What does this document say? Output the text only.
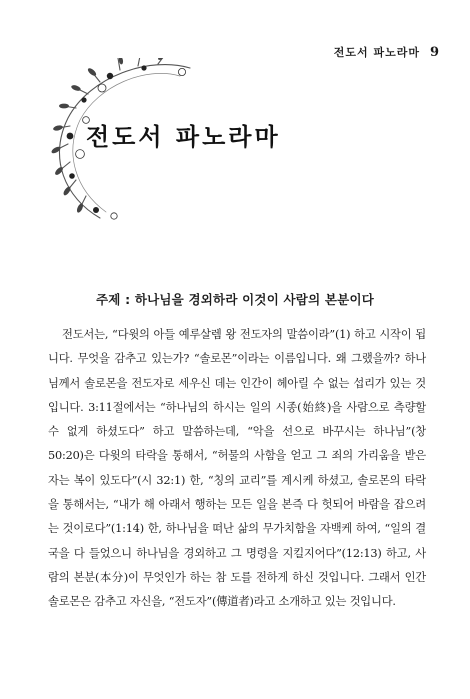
전도서 파노라마 9
전도서 파노라마
주제 : 하나님을 경외하라 이것이 사람의 본분이다

전도서는, “다윗의 아들 예루살렘 왕 전도자의 말씀이라”(1) 하고 시작이 됩니다. 무엇을 감추고 있는가? “솔로몬”이라는 이름입니다. 왜 그랬을까? 하나님께서 솔로몬을 전도자로 세우신 데는 인간이 헤아릴 수 없는 섭리가 있는 것입니다. 3:11절에서는 “하나님의 하시는 일의 시종(始終)을 사람으로 측량할 수 없게 하셨도다” 하고 말씀하는데, “악을 선으로 바꾸시는 하나님”(창 50:20)은 다윗의 타락을 통해서, “허물의 사함을 얻고 그 죄의 가리움을 받은 자는 복이 있도다”(시 32:1) 한, “칭의 교리”를 계시케 하셨고, 솔로몬의 타락을 통해서는, “내가 해 아래서 행하는 모든 일을 본즉 다 헛되어 바람을 잡으려는 것이로다”(1:14) 한, 하나님을 떠난 삶의 무가치함을 자백케 하여, “일의 결국을 다 들었으니 하나님을 경외하고 그 명령을 지킬지어다”(12:13) 하고, 사람의 본분(本分)이 무엇인가 하는 참 도를 전하게 하신 것입니다. 그래서 인간 솔로몬은 감추고 자신을, “전도자”(傳道者)라고 소개하고 있는 것입니다.
